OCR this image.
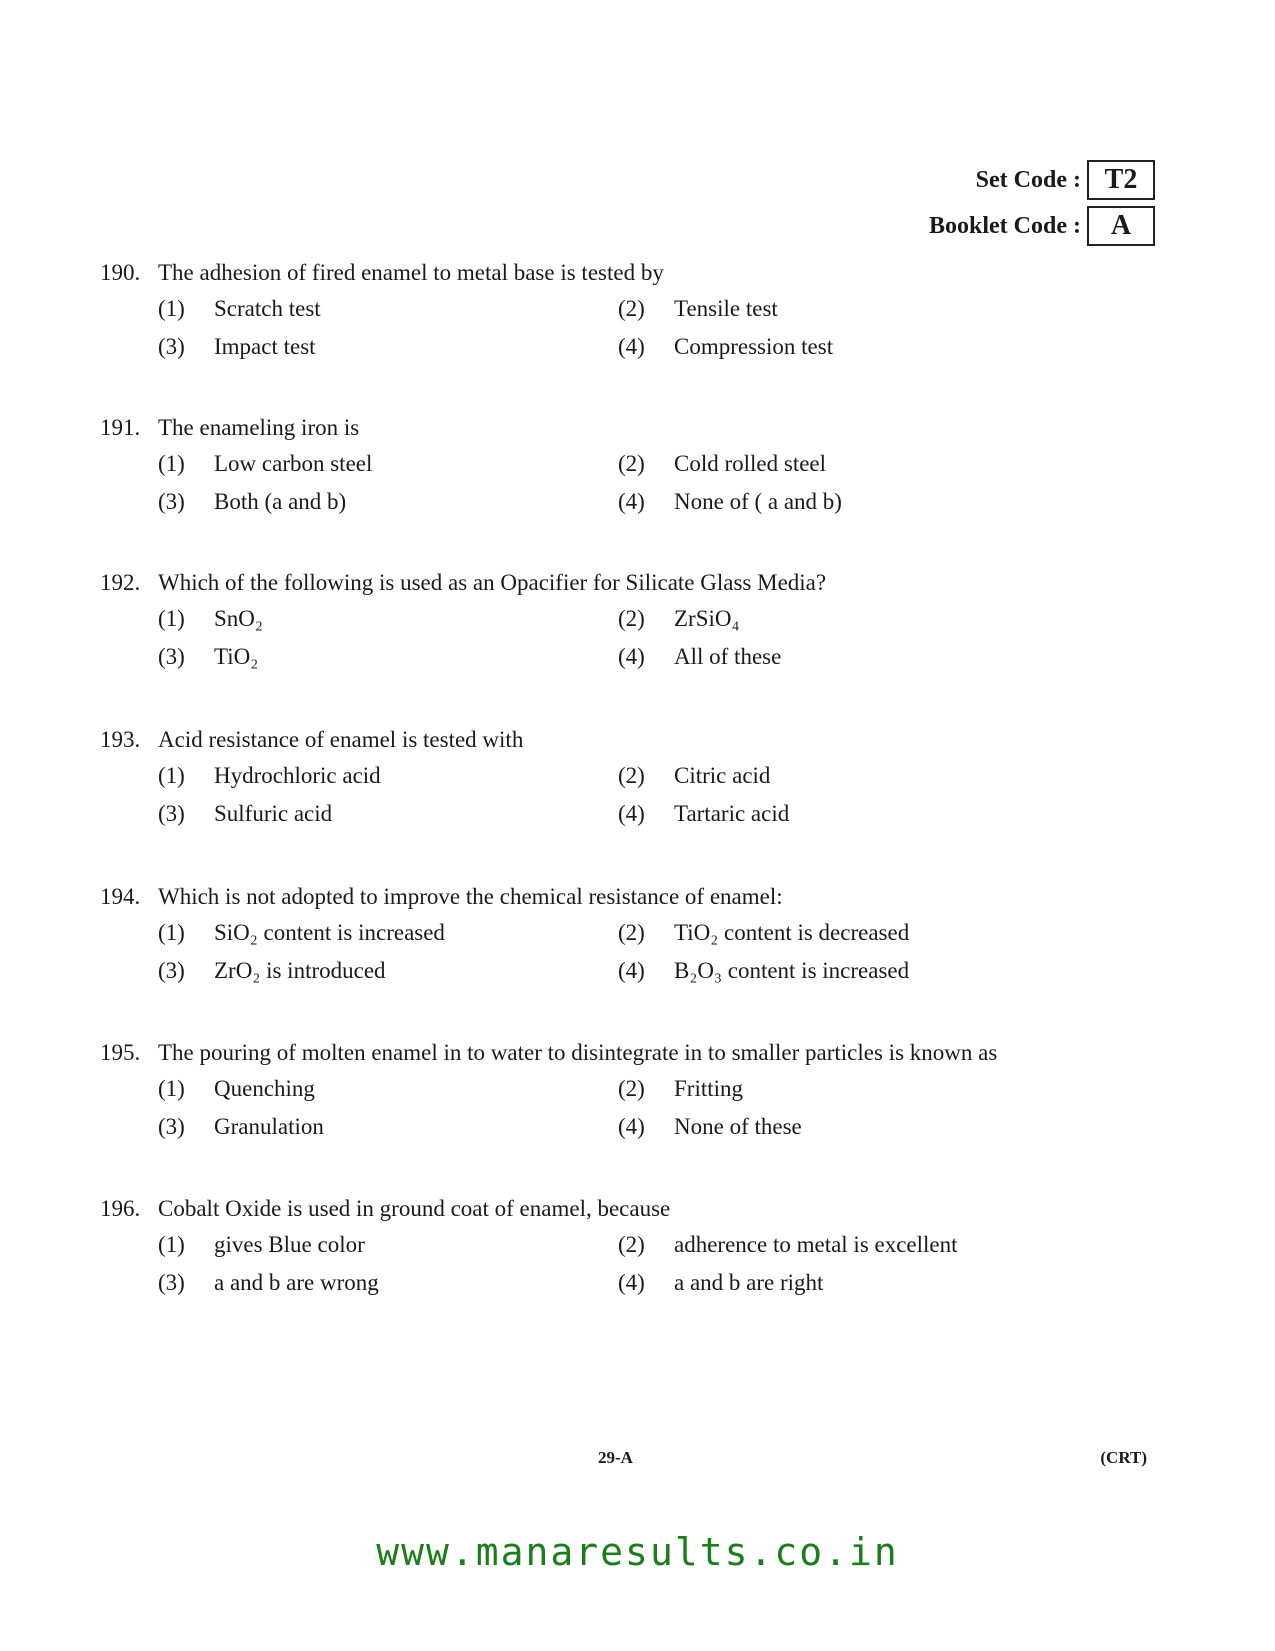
Set Code : T2
Booklet Code :	A
190. The adhesion of fired enamel to metal base is tested by
(1)	Scratch test	(2)	Tensile test
(3)	Impact test	(4)	Compression test
191. The enameling iron is
(1)	Low carbon steel	(2)	Cold rolled steel
(3)	Both (a and b)	(4)	None of ( a and b)
192. Which of the following is used as an Opacifier for Silicate Glass Media?
(1)	SnO₂	(2)	ZrSiO₄
(3)	TiO₂	(4)	All of these
193. Acid resistance of enamel is tested with
(1)	Hydrochloric acid	(2)	Citric acid
(3)	Sulfuric acid	(4)	Tartaric acid
194. Which is not adopted to improve the chemical resistance of enamel:
(1)	SiO₂ content is increased	(2)	TiO₂ content is decreased
(3)	ZrO₂ is introduced	(4)	B₂O₃ content is increased
195. The pouring of molten enamel in to water to disintegrate in to smaller particles is known as
(1)	Quenching	(2)	Fritting
(3)	Granulation	(4)	None of these
196. Cobalt Oxide is used in ground coat of enamel, because
(1)	gives Blue color	(2)	adherence to metal is excellent
(3)	a and b are wrong	(4)	a and b are right
29-A	(CRT)
www.manaresults.co.in
